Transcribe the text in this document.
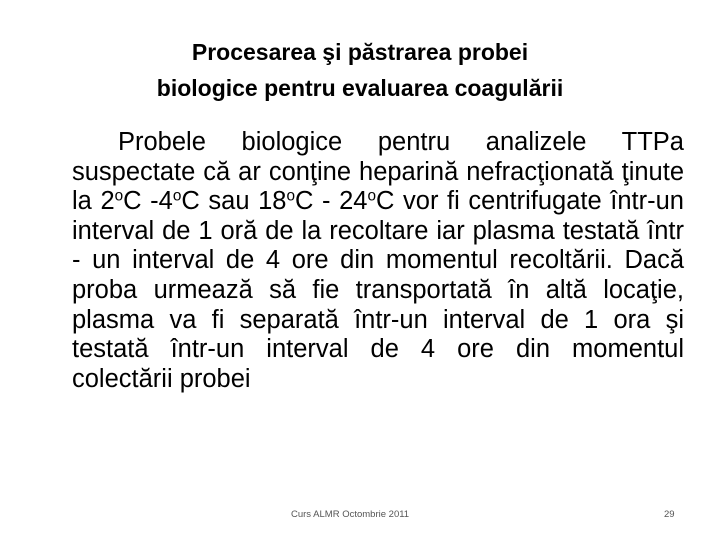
Procesarea şi păstrarea probei
biologice pentru evaluarea coagulării
Probele biologice pentru analizele TTPa suspectate că ar conţine heparină nefracţionată ţinute la 2$^o$C -4$^o$C sau 18$^o$C - 24$^o$C vor fi centrifugate într-un interval de 1 oră de la recoltare iar plasma testată într - un interval de 4 ore din momentul recoltării. Dacă proba urmează să fie transportată în altă locaţie, plasma va fi separată într-un interval de 1 ora şi testată într-un interval de 4 ore din momentul colectării probei
Curs ALMR Octombrie 2011	29
